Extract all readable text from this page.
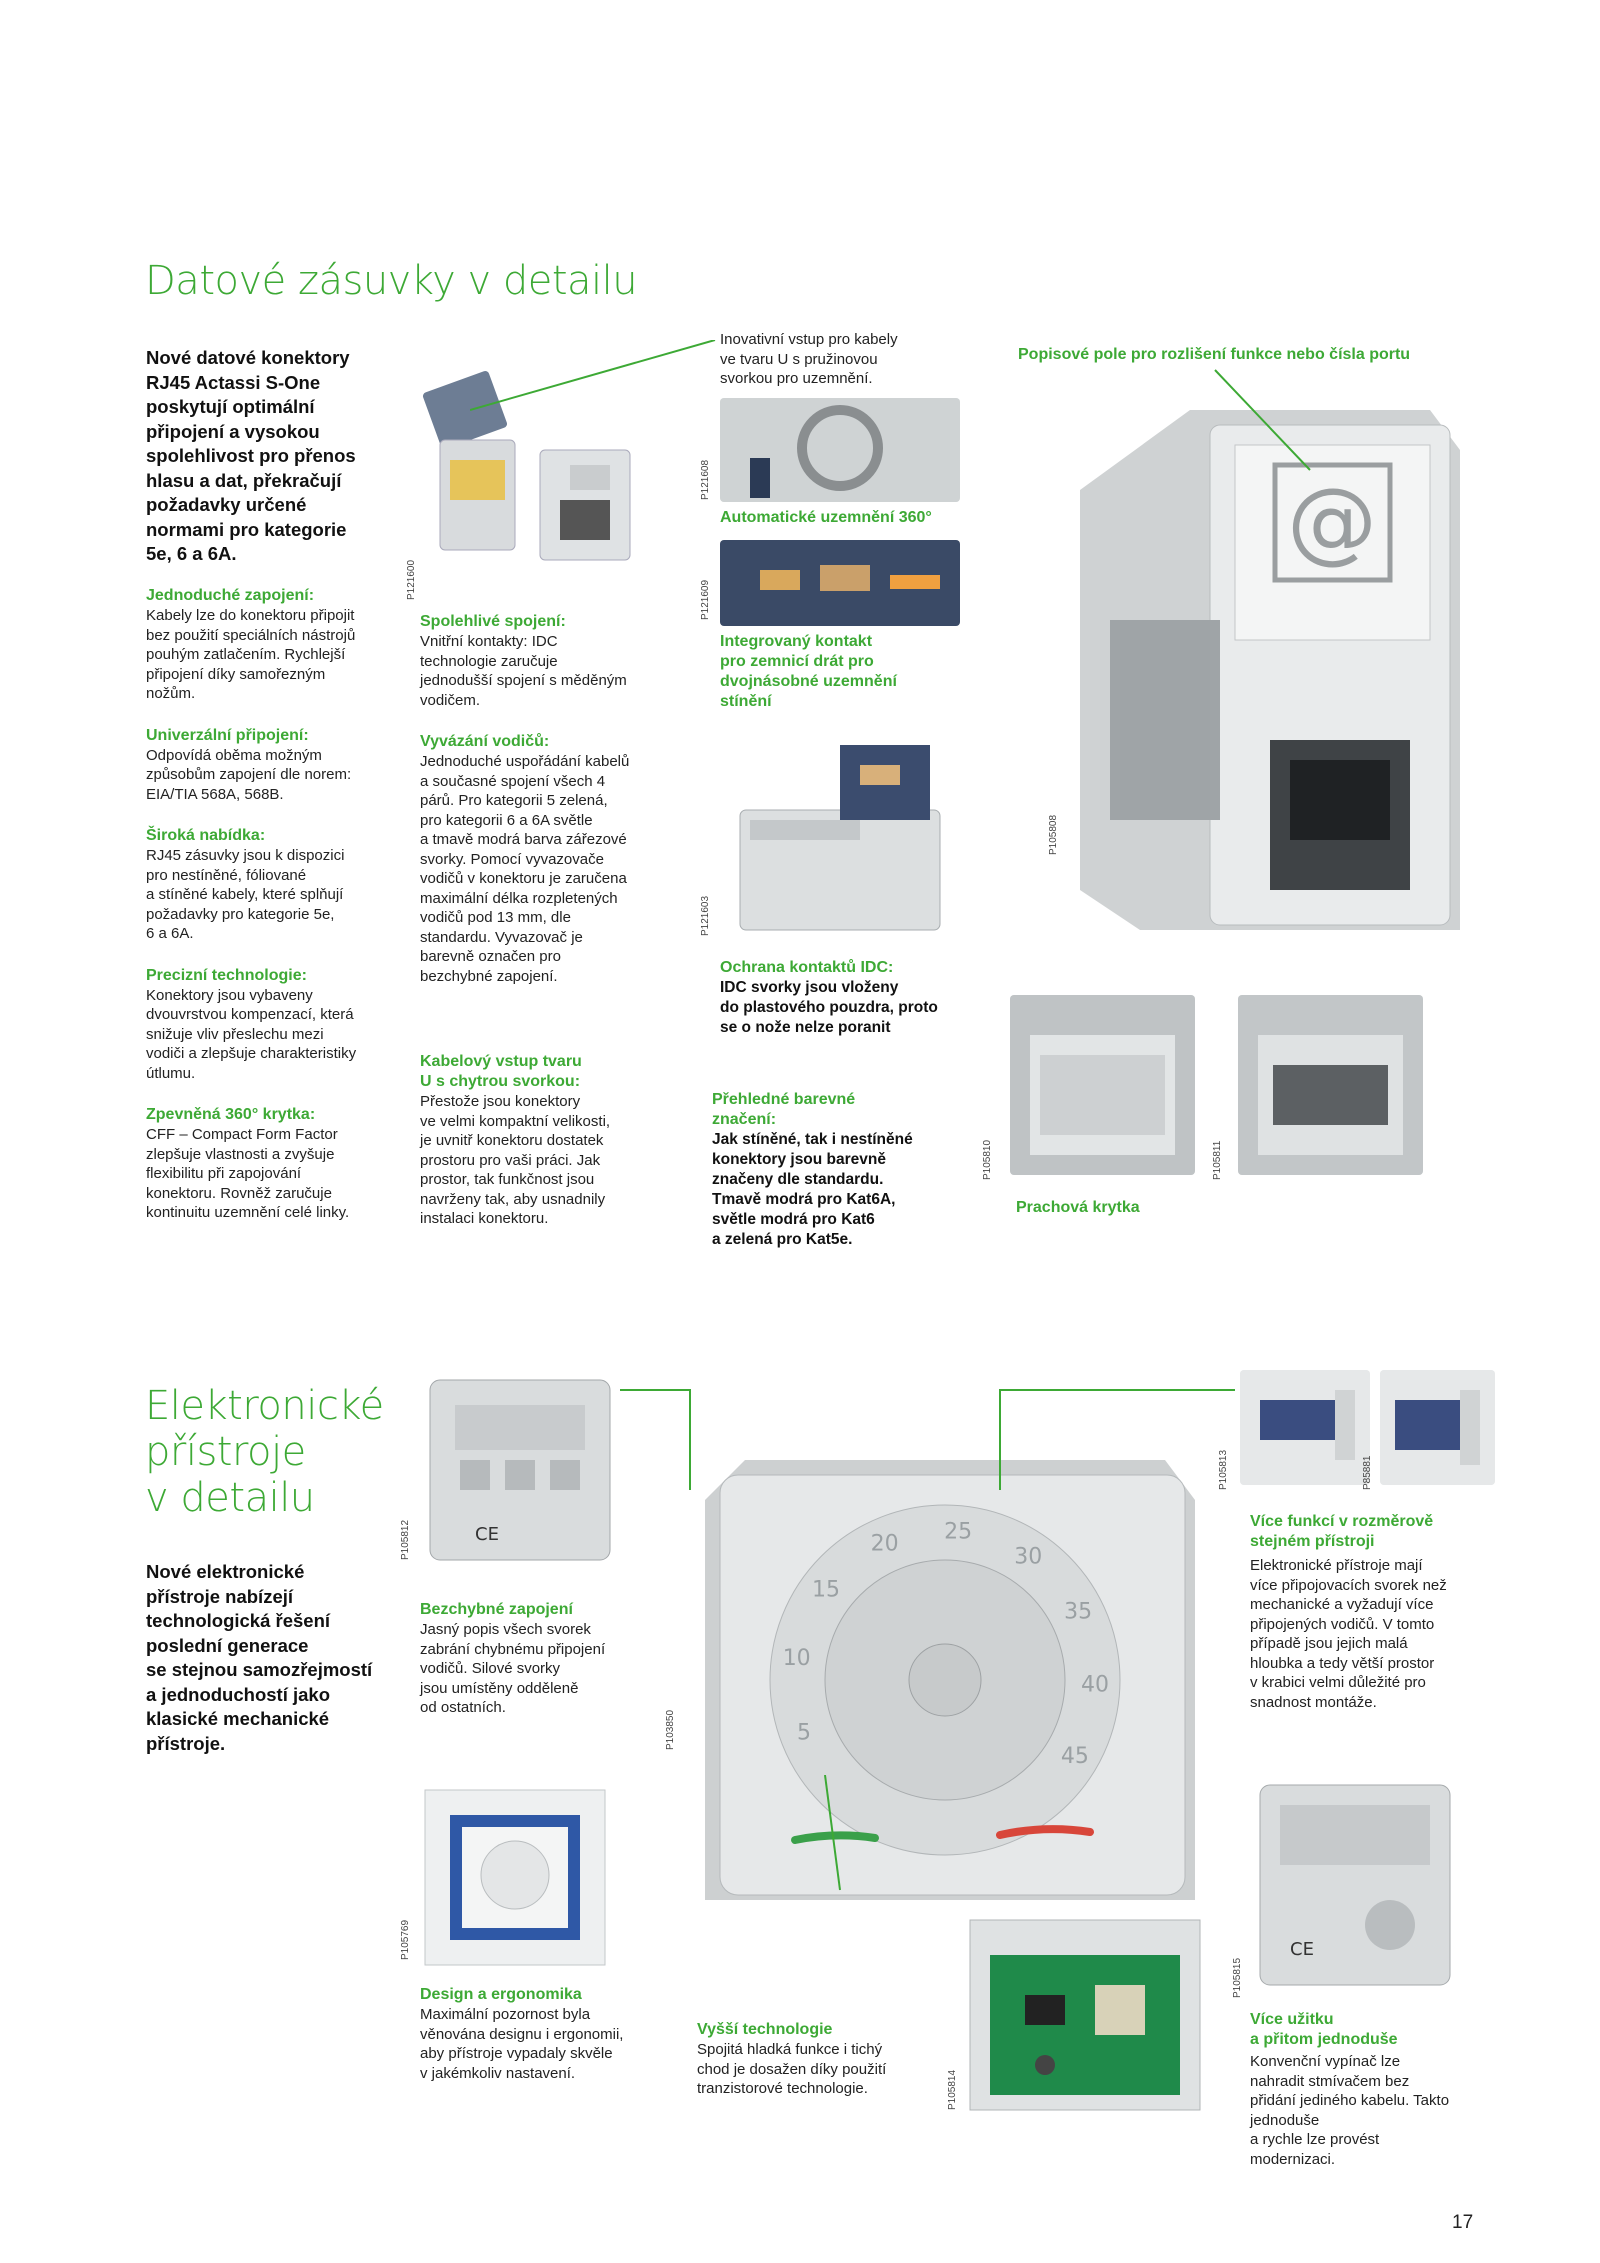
Datové zásuvky v detailu
Nové datové konektory
RJ45 Actassi S-One
poskytují optimální
připojení a vysokou
spolehlivost pro přenos
hlasu a dat, překračují
požadavky určené
normami pro kategorie
5e, 6 a 6A.
Jednoduché zapojení:
Kabely lze do konektoru připojit
bez použití speciálních nástrojů
pouhým zatlačením. Rychlejší
připojení díky samořezným
nožům.
Univerzální připojení:
Odpovídá oběma možným
způsobům zapojení dle norem:
EIA/TIA 568A, 568B.
Široká nabídka:
RJ45 zásuvky jsou k dispozici
pro nestíněné, fóliované
a stíněné kabely, které splňují
požadavky pro kategorie 5e,
6 a 6A.
Precizní technologie:
Konektory jsou vybaveny
dvouvrstvou kompenzací, která
snižuje vliv přeslechu mezi
vodiči a zlepšuje charakteristiky
útlumu.
Zpevněná 360° krytka:
CFF – Compact Form Factor
zlepšuje vlastnosti a zvyšuje
flexibilitu při zapojování
konektoru. Rovněž zaručuje
kontinuitu uzemnění celé linky.
P121600
Spolehlivé spojení:
Vnitřní kontakty: IDC
technologie zaručuje
jednodušší spojení s měděným
vodičem.
Vyvázání vodičů:
Jednoduché uspořádání kabelů
a současné spojení všech 4
párů. Pro kategorii 5 zelená,
pro kategorii 6 a 6A světle
a tmavě modrá barva zářezové
svorky. Pomocí vyvazovače
vodičů v konektoru je zaručena
maximální délka rozpletených
vodičů pod 13 mm, dle
standardu. Vyvazovač je
barevně označen pro
bezchybné zapojení.
Kabelový vstup tvaru
U s chytrou svorkou:
Přestože jsou konektory
ve velmi kompaktní velikosti,
je uvnitř konektoru dostatek
prostoru pro vaši práci. Jak
prostor, tak funkčnost jsou
navrženy tak, aby usnadnily
instalaci konektoru.
Inovativní vstup pro kabely
ve tvaru U s pružinovou
svorkou pro uzemnění.
P121608
Automatické uzemnění 360°
P121609
Integrovaný kontakt
pro zemnicí drát pro
dvojnásobné uzemnění
stínění
P121603
Ochrana kontaktů IDC:
IDC svorky jsou vloženy
do plastového pouzdra, proto
se o nože nelze poranit
Přehledné barevné
značení:
Jak stíněné, tak i nestíněné
konektory jsou barevně
značeny dle standardu.
Tmavě modrá pro Kat6A,
světle modrá pro Kat6
a zelená pro Kat5e.
Popisové pole pro rozlišení funkce nebo čísla portu
@
P105808
P105810	P105811
Prachová krytka
Elektronické
přístroje
v detailu
Nové elektronické
přístroje nabízejí
technologická řešení
poslední generace
se stejnou samozřejmostí
a jednoduchostí jako
klasické mechanické
přístroje.
CE
P105812
Bezchybné zapojení
Jasný popis všech svorek
zabrání chybnému připojení
vodičů. Silové svorky
jsou umístěny odděleně
od ostatních.
5
10
15
20 25
30
35
40
45
P103850
P105813	P85881
Více funkcí v rozměrově
stejném přístroji
Elektronické přístroje mají
více připojovacích svorek než
mechanické a vyžadují více
připojených vodičů. V tomto
případě jsou jejich malá
hloubka a tedy větší prostor
v krabici velmi důležité pro
snadnost montáže.
P105769
Design a ergonomika
Maximální pozornost byla
věnována designu i ergonomii,
aby přístroje vypadaly skvěle
v jakémkoliv nastavení.	P105814
Vyšší technologie
Spojitá hladká funkce i tichý
chod je dosažen díky použití
tranzistorové technologie.
CE
P105815
Více užitku
a přitom jednoduše
Konvenční vypínač lze
nahradit stmívačem bez
přidání jediného kabelu. Takto
jednoduše
a rychle lze provést
modernizaci.
17
